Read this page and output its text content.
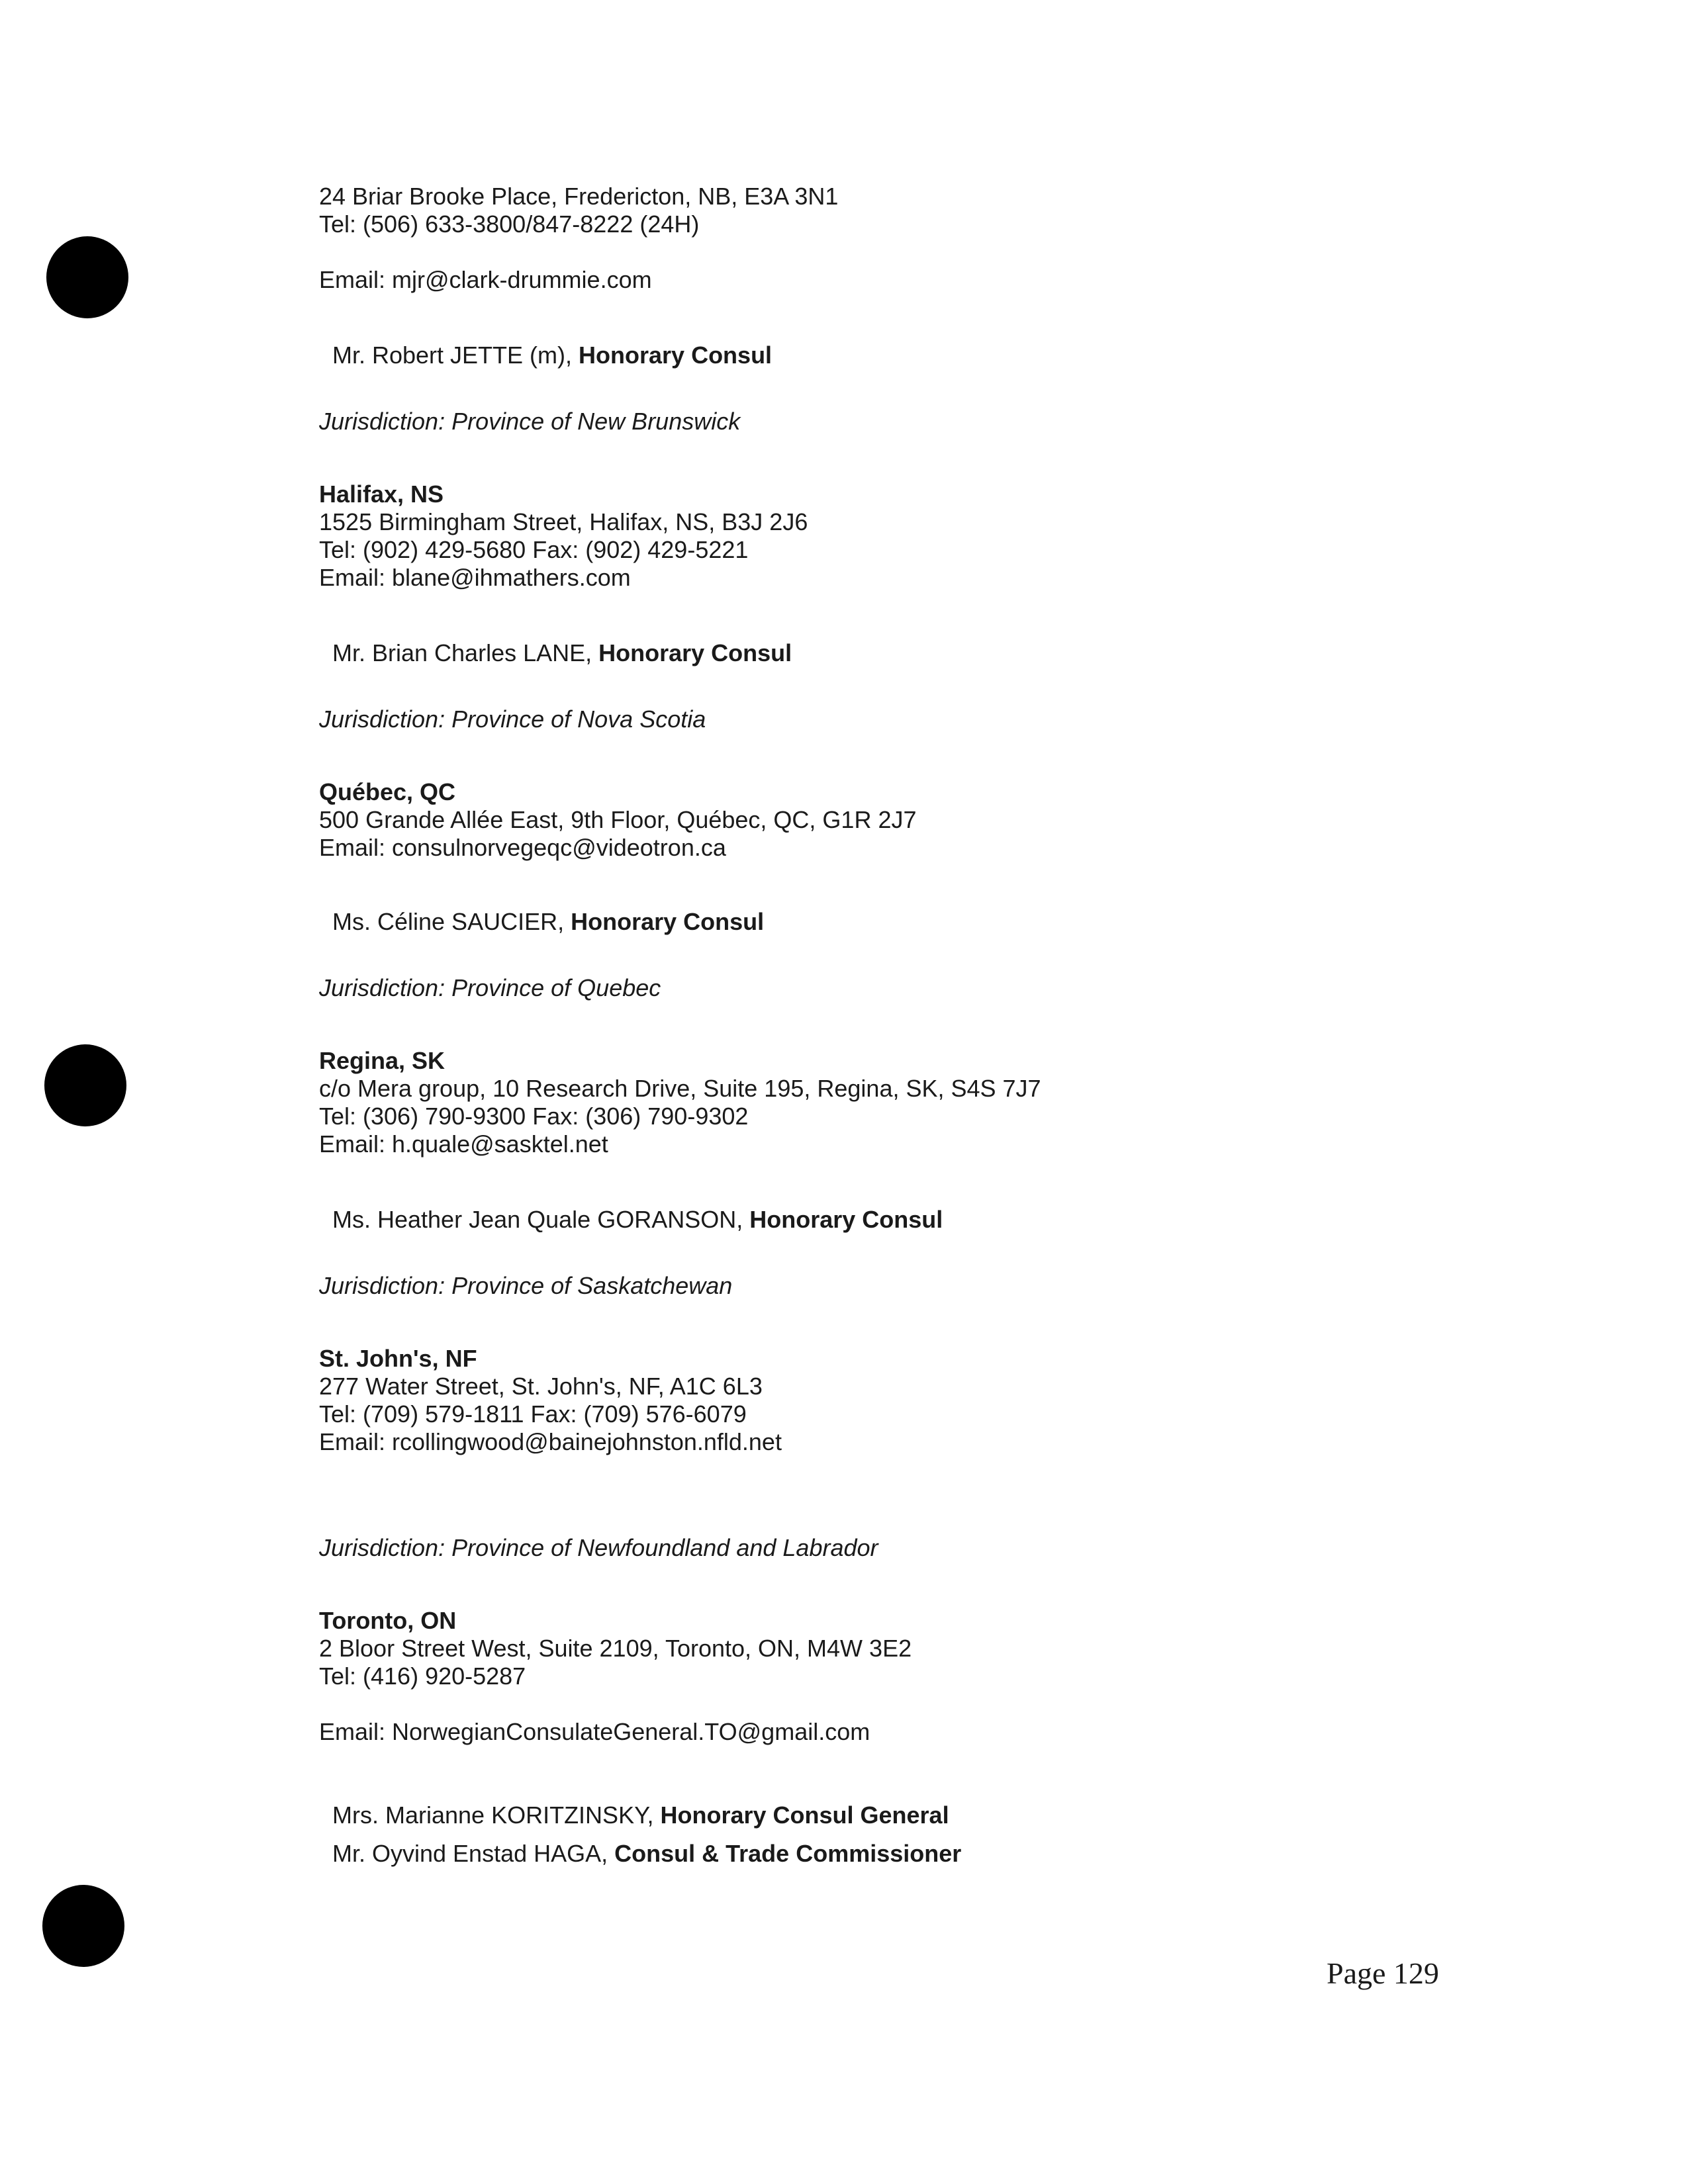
24 Briar Brooke Place, Fredericton, NB, E3A 3N1
Tel: (506) 633-3800/847-8222 (24H)
Email: mjr@clark-drummie.com
Mr. Robert JETTE (m), Honorary Consul
Jurisdiction: Province of New Brunswick
Halifax, NS
1525 Birmingham Street, Halifax, NS, B3J 2J6
Tel: (902) 429-5680 Fax: (902) 429-5221
Email: blane@ihmathers.com
Mr. Brian Charles LANE, Honorary Consul
Jurisdiction: Province of Nova Scotia
Québec, QC
500 Grande Allée East, 9th Floor, Québec, QC, G1R 2J7
Email: consulnorvegeqc@videotron.ca
Ms. Céline SAUCIER, Honorary Consul
Jurisdiction: Province of Quebec
Regina, SK
c/o Mera group, 10 Research Drive, Suite 195, Regina, SK, S4S 7J7
Tel: (306) 790-9300 Fax: (306) 790-9302
Email: h.quale@sasktel.net
Ms. Heather Jean Quale GORANSON, Honorary Consul
Jurisdiction: Province of Saskatchewan
St. John's, NF
277 Water Street, St. John's, NF, A1C 6L3
Tel: (709) 579-1811 Fax: (709) 576-6079
Email: rcollingwood@bainejohnston.nfld.net
Jurisdiction: Province of Newfoundland and Labrador
Toronto, ON
2 Bloor Street West, Suite 2109, Toronto, ON, M4W 3E2
Tel: (416) 920-5287
Email: NorwegianConsulateGeneral.TO@gmail.com
Mrs. Marianne KORITZINSKY, Honorary Consul General
Mr. Oyvind Enstad HAGA, Consul & Trade Commissioner
Page 129
